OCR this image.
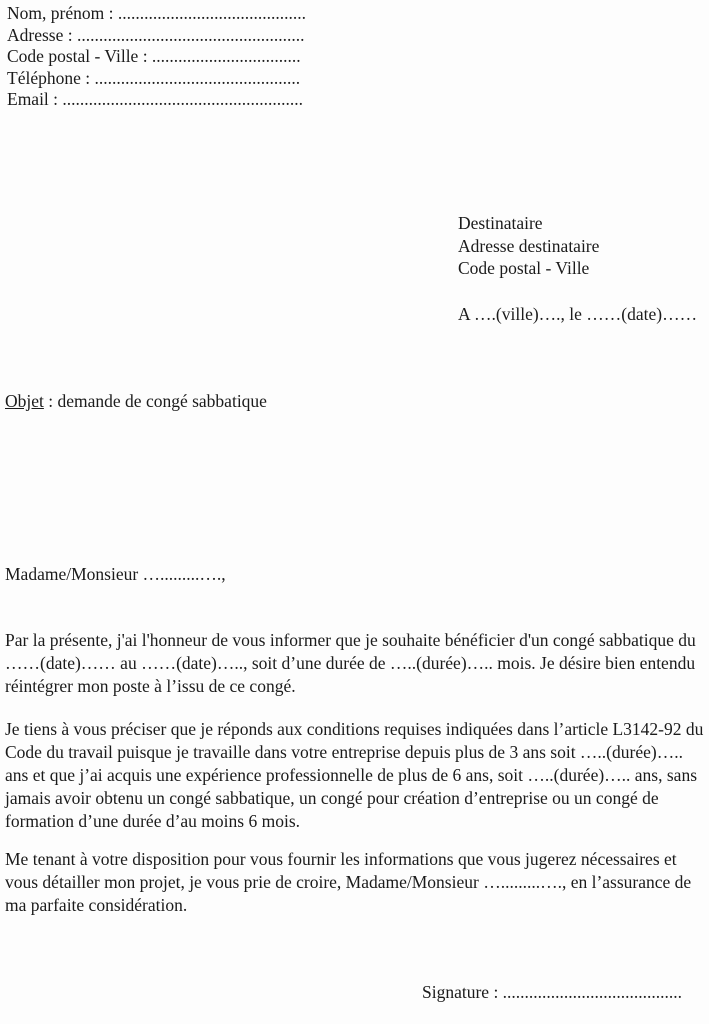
Nom, prénom : ...........................................
Adresse : ....................................................
Code postal - Ville : ..................................
Téléphone : ...............................................
Email : .......................................................
Destinataire
Adresse destinataire
Code postal - Ville
A ….(ville)…., le ……(date)……
Objet : demande de congé sabbatique
Madame/Monsieur ….........….,
Par la présente, j'ai l'honneur de vous informer que je souhaite bénéficier d'un congé sabbatique du ……(date)…… au ……(date)….., soit d’une durée de …..(durée)….. mois. Je désire bien entendu réintégrer mon poste à l’issu de ce congé.
Je tiens à vous préciser que je réponds aux conditions requises indiquées dans l’article L3142-92 du Code du travail puisque je travaille dans votre entreprise depuis plus de 3 ans soit …..(durée)…..  ans et que j’ai acquis une expérience professionnelle de plus de 6 ans, soit …..(durée)….. ans, sans jamais avoir obtenu un congé sabbatique, un congé pour création d’entreprise ou un congé de formation d’une durée d’au moins 6 mois.
Me tenant à votre disposition pour vous fournir les informations que vous jugerez nécessaires et vous détailler mon projet, je vous prie de croire, Madame/Monsieur ….........…., en l’assurance de ma parfaite considération.
Signature : .........................................
